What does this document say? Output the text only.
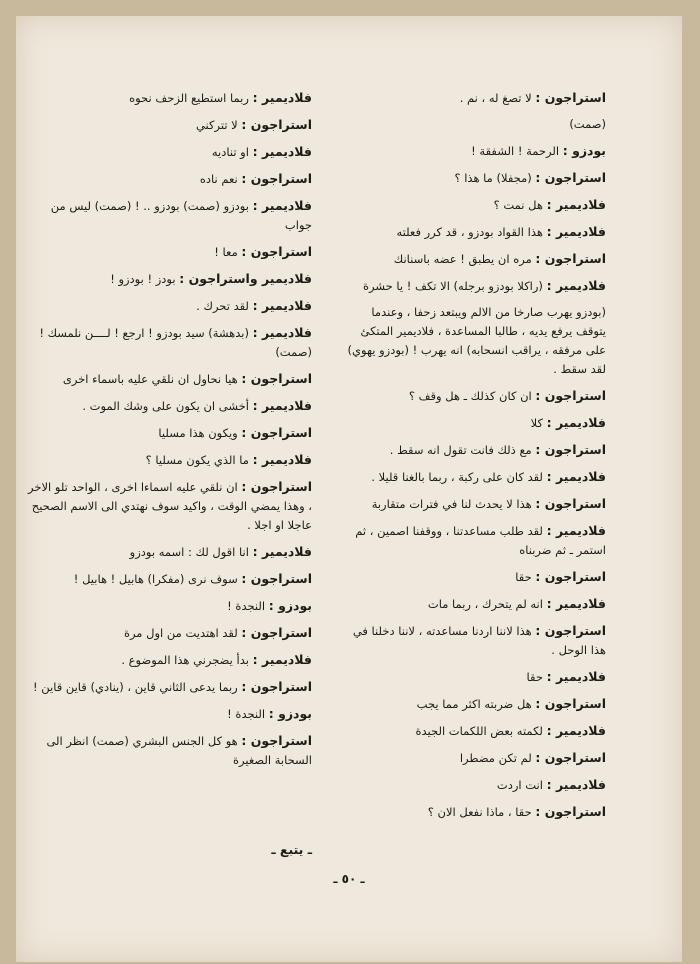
استراجون : لا تصغ له ، نم .
(صمت)
بودزو : الرحمة ! الشفقة !
استراجون : (مجفلا) ما هذا ؟
فلاديمير : هل نمت ؟
فلاديمير : هذا القواد بودزو ، قد كرر فعلته
استراجون : مره ان يطبق ! عضه باسنانك
فلاديمير : (راكلا بودزو برجله) الا تكف ! يا حشرة
(بودزو يهرب صارخا من الالم ويبتعد زحفا ، وعندما يتوقف يرفع يديه ، طالبا المساعدة ، فلاديمير المتكئ على مرفقه ، يراقب انسحابه) انه يهرب ! (بودزو يهوي) لقد سقط .
استراجون : ان كان كذلك ـ هل وقف ؟
فلاديمير : كلا
استراجون : مع ذلك فانت تقول انه سقط .
فلاديمير : لقد كان على ركبة ، ربما بالغنا قليلا .
استراجون : هذا لا يحدث لنا في فترات متقاربة
فلاديمير : لقد طلب مساعدتنا ، ووقفنا اصمين ، ثم استمر ـ ثم ضربناه
استراجون : حقا
فلاديمير : انه لم يتحرك ، ربما مات
استراجون : هذا لاننا اردنا مساعدته ، لاننا دخلنا في هذا الوحل .
فلاديمير : حقا
استراجون : هل ضربته اكثر مما يجب
فلاديمير : لكمته بعض اللكمات الجيدة
استراجون : لم تكن مضطرا
فلاديمير : انت اردت
استراجون : حقا ، ماذا نفعل الان ؟
فلاديمير : ربما استطيع الزحف نحوه
استراجون : لا تتركني
فلاديمير : او تناديه
استراجون : نعم ناده
فلاديمير : بودزو (صمت) بودزو .. ! (صمت) ليس من جواب
استراجون : معا !
فلاديمير واستراجون : بودز ! بودزو !
فلاديمير : لقد تحرك .
فلاديمير : (بدهشة) سيد بودزو ! ارجع ! لــــن نلمسك ! (صمت)
استراجون : هيا نحاول ان نلقي عليه باسماء اخرى
فلاديمير : أخشى ان يكون على وشك الموت .
استراجون : ويكون هذا مسليا
فلاديمير : ما الذي يكون مسليا ؟
استراجون : ان نلقي عليه اسماءا اخرى ، الواحد تلو الاخر ، وهذا يمضي الوقت ، واكيد سوف نهتدي الى الاسم الصحيح عاجلا او اجلا .
فلاديمير : انا اقول لك : اسمه بودزو
استراجون : سوف نرى (مفكرا) هابيل ! هابيل !
بودزو : النجدة !
استراجون : لقد اهتديت من اول مرة
فلاديمير : بدأ يضجرني هذا الموضوع .
استراجون : ربما يدعى الثاني قاين ، (ينادي) قاين قاين !
بودزو : النجدة !
استراجون : هو كل الجنس البشري (صمت) انظر الى السحابة الصغيرة
ـ يتبع ـ
ـ ٥٠ ـ
